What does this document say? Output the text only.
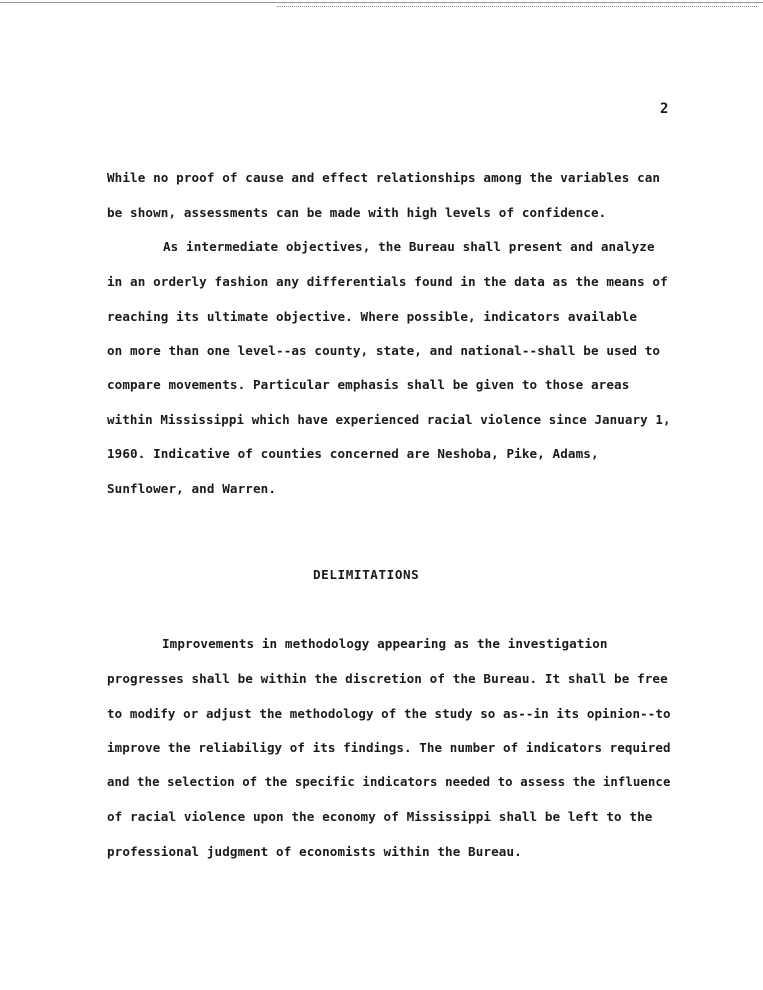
2
While no proof of cause and effect relationships among the variables can
be shown, assessments can be made with high levels of confidence.
As intermediate objectives, the Bureau shall present and analyze
in an orderly fashion any differentials found in the data as the means of
reaching its ultimate objective. Where possible, indicators available
on more than one level--as county, state, and national--shall be used to
compare movements. Particular emphasis shall be given to those areas
within Mississippi which have experienced racial violence since January 1,
1960. Indicative of counties concerned are Neshoba, Pike, Adams,
Sunflower, and Warren.
DELIMITATIONS
Improvements in methodology appearing as the investigation
progresses shall be within the discretion of the Bureau. It shall be free
to modify or adjust the methodology of the study so as--in its opinion--to
improve the reliabiligy of its findings. The number of indicators required
and the selection of the specific indicators needed to assess the influence
of racial violence upon the economy of Mississippi shall be left to the
professional judgment of economists within the Bureau.
